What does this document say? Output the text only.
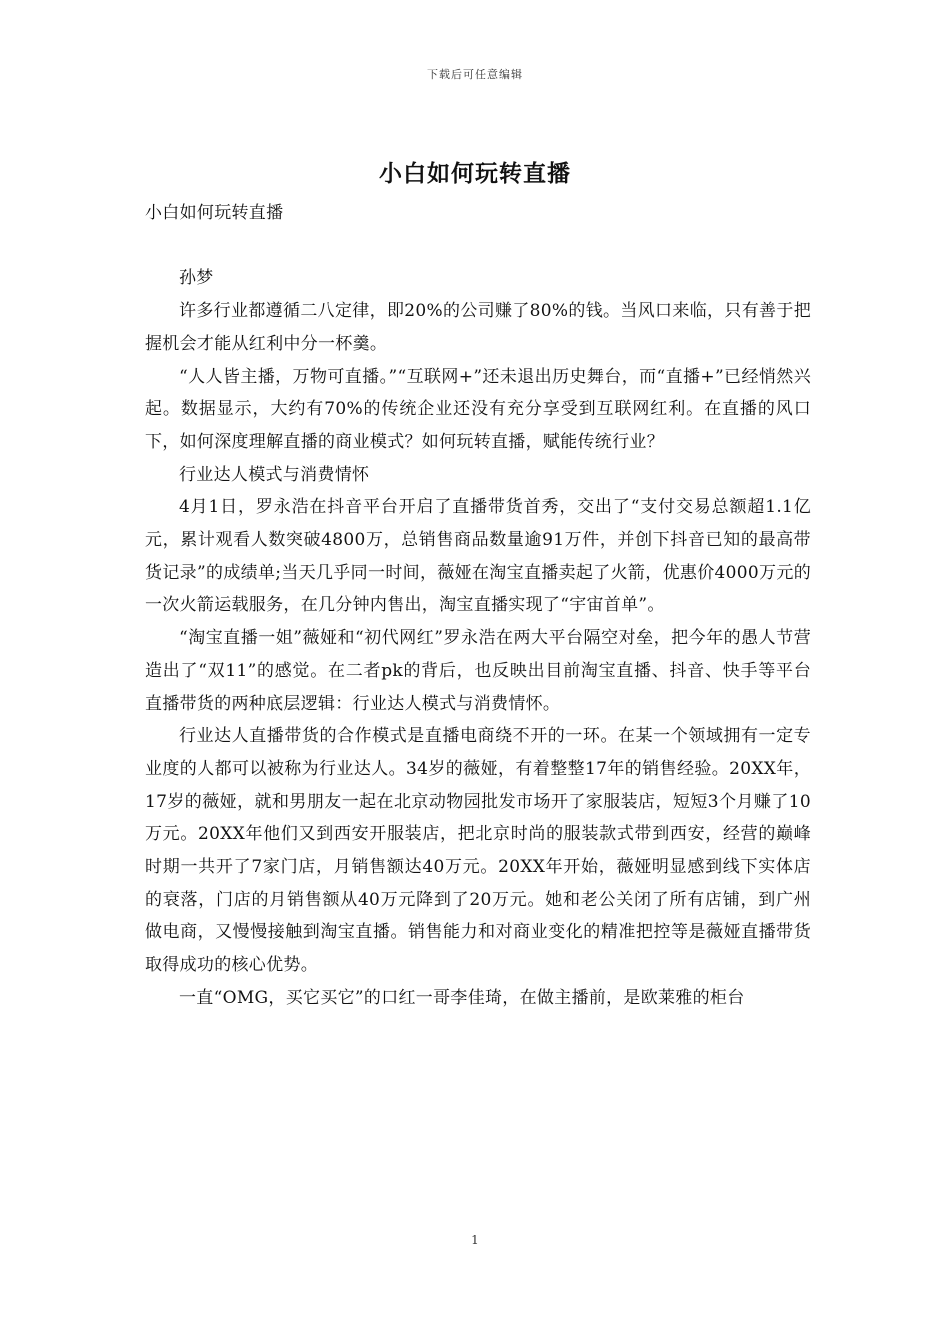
下载后可任意编辑
小白如何玩转直播

小白如何玩转直播

孙梦

许多行业都遵循二八定律，即20%的公司赚了80%的钱。当风口来临，只有善于把握机会才能从红利中分一杯羹。

“人人皆主播，万物可直播。”“互联网+”还未退出历史舞台，而“直播+”已经悄然兴起。数据显示，大约有70%的传统企业还没有充分享受到互联网红利。在直播的风口下，如何深度理解直播的商业模式？如何玩转直播，赋能传统行业？

行业达人模式与消费情怀

4月1日，罗永浩在抖音平台开启了直播带货首秀，交出了“支付交易总额超1.1亿元，累计观看人数突破4800万，总销售商品数量逾91万件，并创下抖音已知的最高带货记录”的成绩单;当天几乎同一时间，薇娅在淘宝直播卖起了火箭，优惠价4000万元的一次火箭运载服务，在几分钟内售出，淘宝直播实现了“宇宙首单”。

“淘宝直播一姐”薇娅和“初代网红”罗永浩在两大平台隔空对垒，把今年的愚人节营造出了“双11”的感觉。在二者pk的背后，也反映出目前淘宝直播、抖音、快手等平台直播带货的两种底层逻辑：行业达人模式与消费情怀。

行业达人直播带货的合作模式是直播电商绕不开的一环。在某一个领域拥有一定专业度的人都可以被称为行业达人。34岁的薇娅，有着整整17年的销售经验。20XX年，17岁的薇娅，就和男朋友一起在北京动物园批发市场开了家服装店，短短3个月赚了10万元。20XX年他们又到西安开服装店，把北京时尚的服装款式带到西安，经营的巅峰时期一共开了7家门店，月销售额达40万元。20XX年开始，薇娅明显感到线下实体店的衰落，门店的月销售额从40万元降到了20万元。她和老公关闭了所有店铺，到广州做电商，又慢慢接触到淘宝直播。销售能力和对商业变化的精准把控等是薇娅直播带货取得成功的核心优势。

一直“OMG，买它买它”的口红一哥李佳琦，在做主播前，是欧莱雅的柜台

1
